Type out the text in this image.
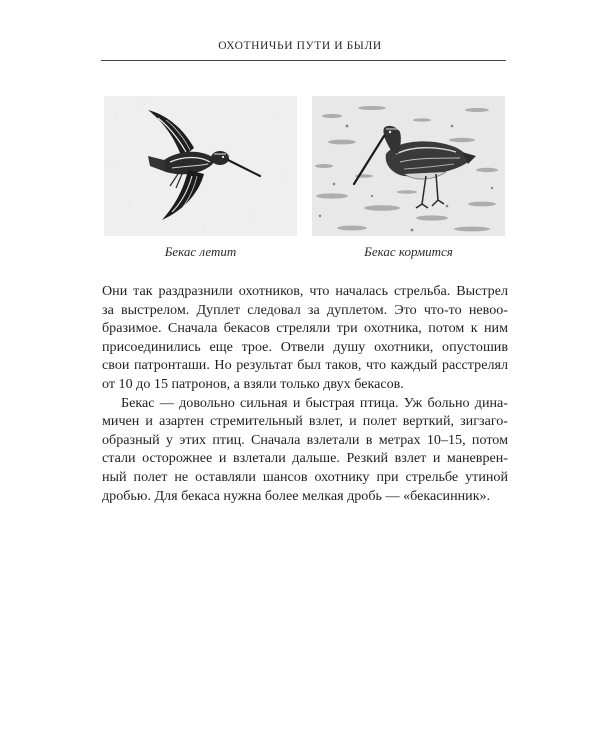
ОХОТНИЧЬИ ПУТИ И БЫЛИ
Бекас летит	Бекас кормится
Они так раздразнили охотников, что началась стрельба. Выстрел
за выстрелом. Дуплет следовал за дуплетом. Это что-то невоо-
бразимое. Сначала бекасов стреляли три охотника, потом к ним
присоединились еще трое. Отвели душу охотники, опустошив
свои патронташи. Но результат был таков, что каждый расстрелял
от 10 до 15 патронов, а взяли только двух бекасов.
Бекас — довольно сильная и быстрая птица. Уж больно дина-
мичен и азартен стремительный взлет, и полет верткий, зигзаго-
образный у этих птиц. Сначала взлетали в метрах 10–15, потом
стали осторожнее и взлетали дальше. Резкий взлет и маневрен-
ный полет не оставляли шансов охотнику при стрельбе утиной
дробью. Для бекаса нужна более мелкая дробь — «бекасинник».
